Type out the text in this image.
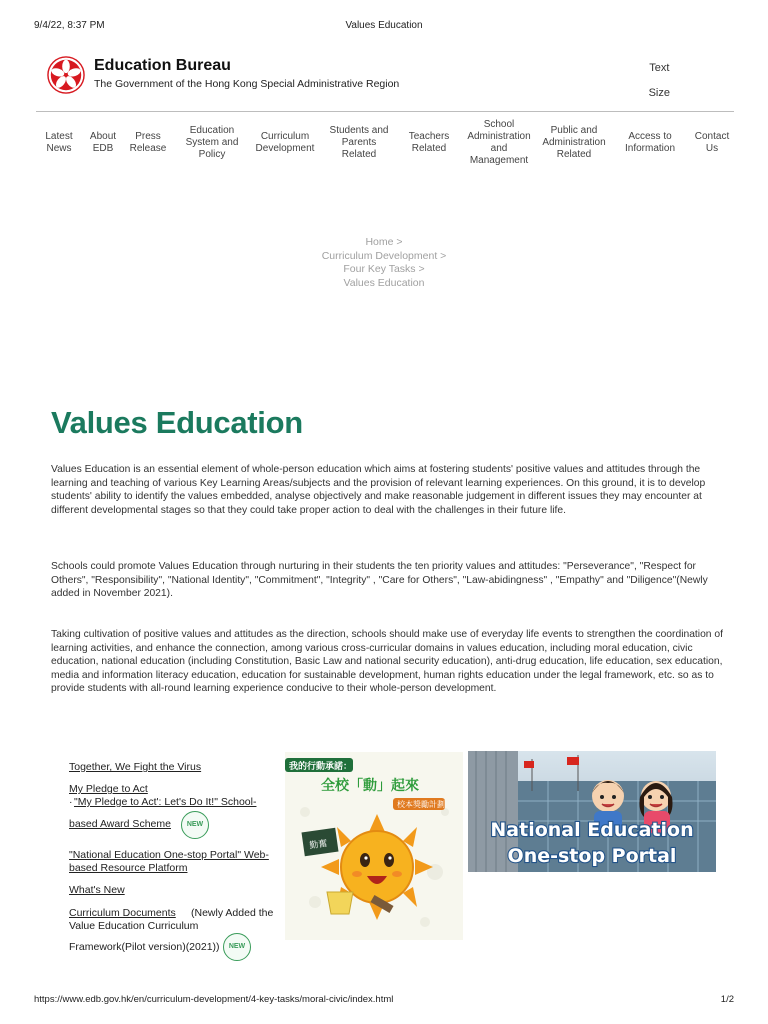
9/4/22, 8:37 PM	Values Education
Education Bureau
The Government of the Hong Kong Special Administrative Region
Text
Size
Latest
News
About
EDB
Press
Release
Education
System and
Policy
Curriculum
Development
Students and
Parents
Related
Teachers
Related
School
Administration
and
Management
Public and
Administration
Related
Access to
Information
Contact
Us
Home >
Curriculum Development >
Four Key Tasks >
Values Education
Values Education

Values Education is an essential element of whole-person education which aims at fostering students' positive values and attitudes through the learning and teaching of various Key Learning Areas/subjects and the provision of relevant learning experiences. On this ground, it is to develop students' ability to identify the values embedded, analyse objectively and make reasonable judgement in different issues they may encounter at different developmental stages so that they could take proper action to deal with the challenges in their future life.

Schools could promote Values Education through nurturing in their students the ten priority values and attitudes: "Perseverance", "Respect for Others", "Responsibility", "National Identity", "Commitment", "Integrity" , "Care for Others", "Law-abidingness" , "Empathy" and "Diligence"(Newly added in November 2021).

Taking cultivation of positive values and attitudes as the direction, schools should make use of everyday life events to strengthen the coordination of learning activities, and enhance the connection, among various cross-curricular domains in values education, including moral education, civic education, national education (including Constitution, Basic Law and national security education), anti-drug education, life education, sex education, media and information literacy education, education for sustainable development, human rights education under the legal framework, etc. so as to provide students with all-round learning experience conducive to their whole-person development.

Together, We Fight the Virus
My Pledge to Act
· "My Pledge to Act': Let's Do It!" School-
based Award Scheme	NEW
"National Education One-stop Portal" Web-
based Resource Platform
What's New
Curriculum Documents (Newly Added the
Value Education Curriculum
Framework(Pilot version)(2021))	NEW
我的行動承諾：
全校「動」起來
校本獎勵計劃
勤奮
National Education
One-stop Portal
https://www.edb.gov.hk/en/curriculum-development/4-key-tasks/moral-civic/index.html	1/2
